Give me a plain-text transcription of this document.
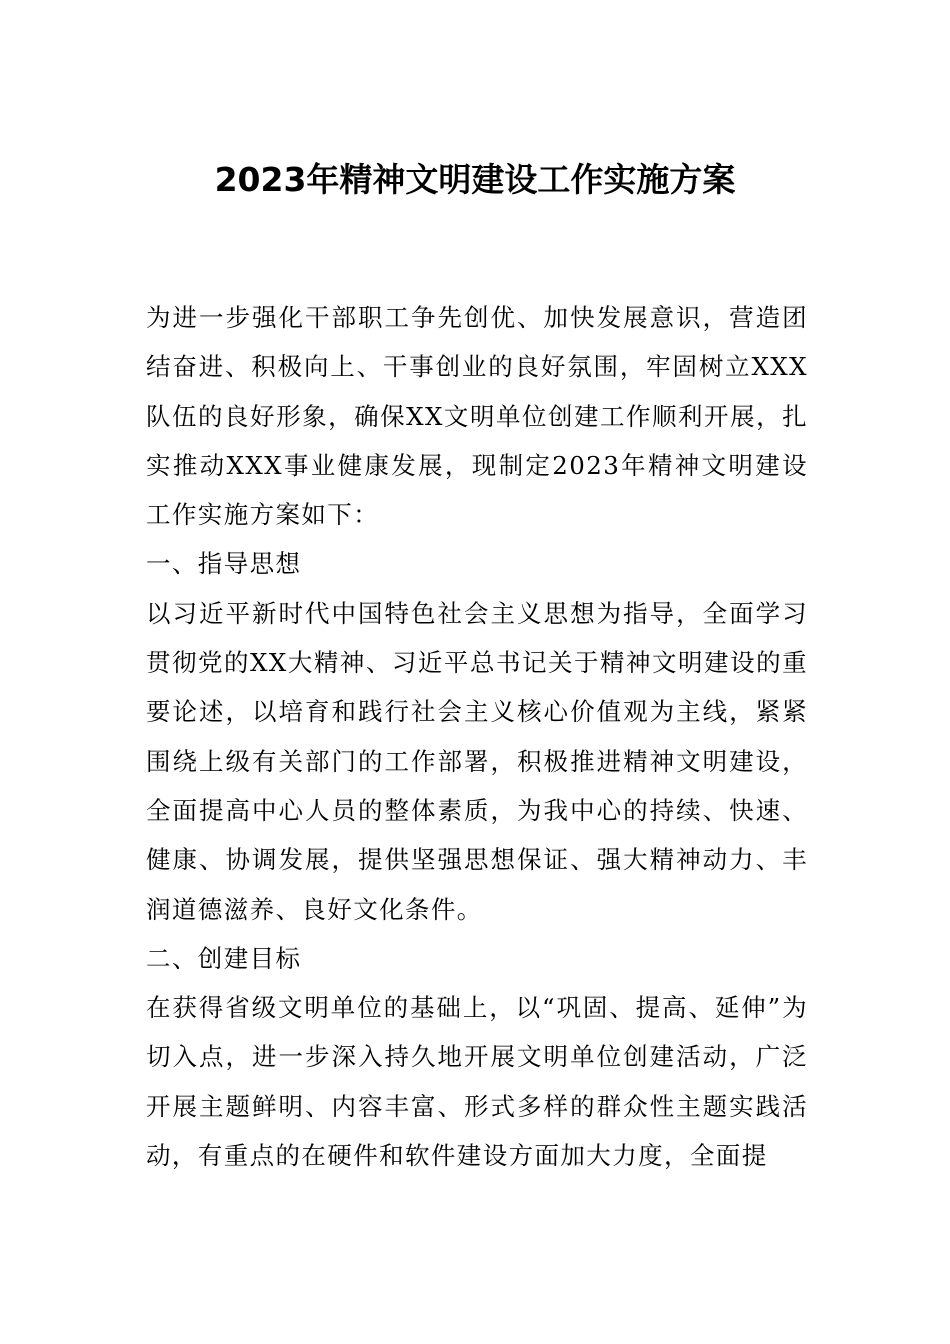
2023年精神文明建设工作实施方案

为进一步强化干部职工争先创优、加快发展意识，营造团结奋进、积极向上、干事创业的良好氛围，牢固树立XXX队伍的良好形象，确保XX文明单位创建工作顺利开展，扎实推动XXX事业健康发展，现制定2023年精神文明建设工作实施方案如下：

一、指导思想

以习近平新时代中国特色社会主义思想为指导，全面学习贯彻党的XX大精神、习近平总书记关于精神文明建设的重要论述，以培育和践行社会主义核心价值观为主线，紧紧围绕上级有关部门的工作部署，积极推进精神文明建设，全面提高中心人员的整体素质，为我中心的持续、快速、健康、协调发展，提供坚强思想保证、强大精神动力、丰润道德滋养、良好文化条件。

二、创建目标

在获得省级文明单位的基础上，以“巩固、提高、延伸”为切入点，进一步深入持久地开展文明单位创建活动，广泛开展主题鲜明、内容丰富、形式多样的群众性主题实践活动，有重点的在硬件和软件建设方面加大力度，全面提
